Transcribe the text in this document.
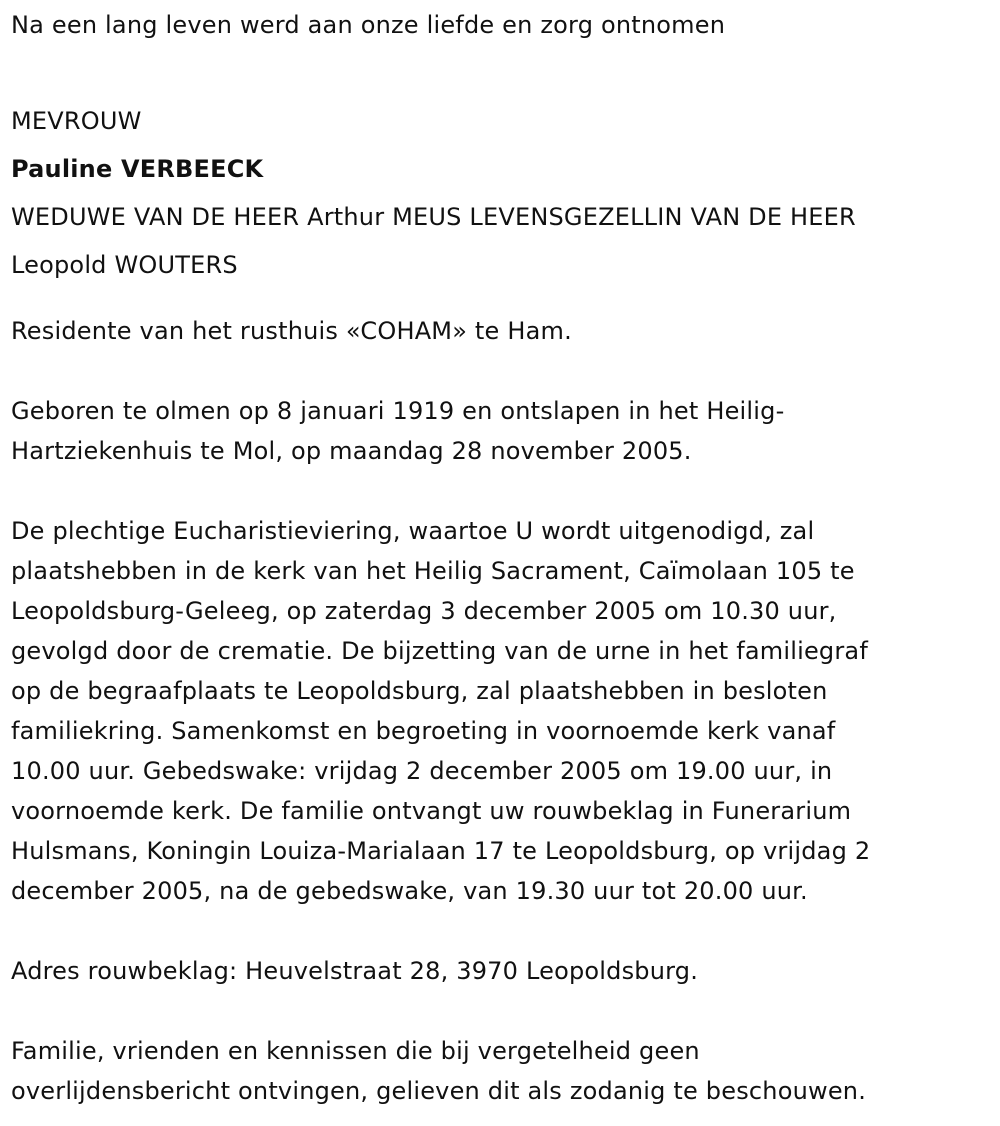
Na een lang leven werd aan onze liefde en zorg ontnomen

MEVROUW

Pauline VERBEECK

WEDUWE VAN DE HEER Arthur MEUS LEVENSGEZELLIN VAN DE HEER

Leopold WOUTERS

Residente van het rusthuis «COHAM» te Ham.

Geboren te olmen op 8 januari 1919 en ontslapen in het Heilig-

Hartziekenhuis te Mol, op maandag 28 november 2005.

De plechtige Eucharistieviering, waartoe U wordt uitgenodigd, zal

plaatshebben in de kerk van het Heilig Sacrament, Caïmolaan 105 te

Leopoldsburg-Geleeg, op zaterdag 3 december 2005 om 10.30 uur,

gevolgd door de crematie. De bijzetting van de urne in het familiegraf

op de begraafplaats te Leopoldsburg, zal plaatshebben in besloten

familiekring. Samenkomst en begroeting in voornoemde kerk vanaf

10.00 uur. Gebedswake: vrijdag 2 december 2005 om 19.00 uur, in

voornoemde kerk. De familie ontvangt uw rouwbeklag in Funerarium

Hulsmans, Koningin Louiza-Marialaan 17 te Leopoldsburg, op vrijdag 2

december 2005, na de gebedswake, van 19.30 uur tot 20.00 uur.

Adres rouwbeklag: Heuvelstraat 28, 3970 Leopoldsburg.

Familie, vrienden en kennissen die bij vergetelheid geen

overlijdensbericht ontvingen, gelieven dit als zodanig te beschouwen.
